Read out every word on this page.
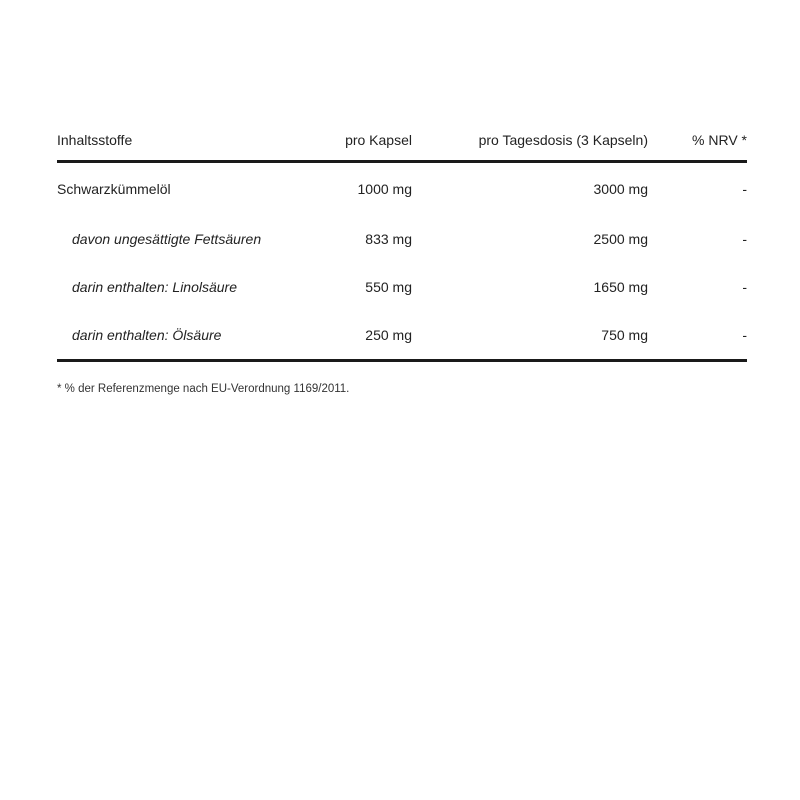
Inhaltsstoffe	pro Kapsel	pro Tagesdosis (3 Kapseln)	% NRV *
Schwarzkümmelöl	1000 mg	3000 mg	-
davon ungesättigte Fettsäuren	833 mg	2500 mg	-
darin enthalten: Linolsäure	550 mg	1650 mg	-
darin enthalten: Ölsäure	250 mg	750 mg	-
* % der Referenzmenge nach EU-Verordnung 1169/2011.
